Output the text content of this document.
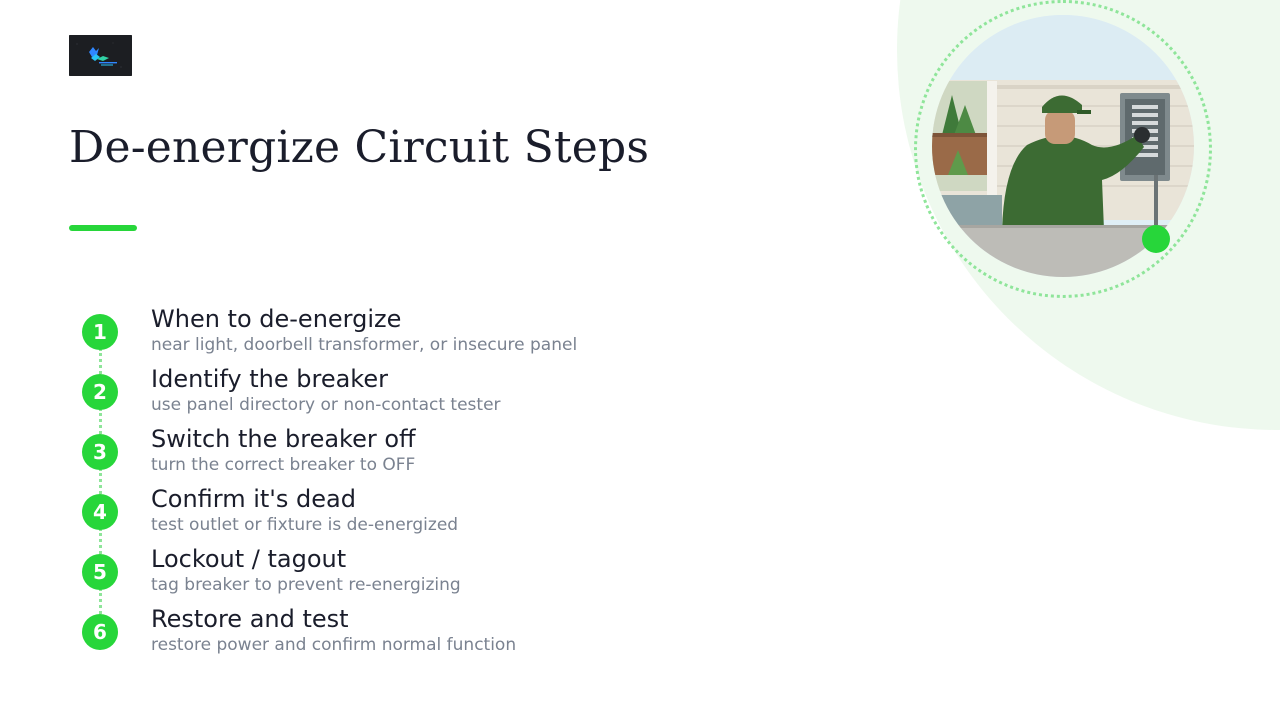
De-energize Circuit Steps
1	When to de-energize
near light, doorbell transformer, or insecure panel
2	Identify the breaker
use panel directory or non-contact tester
3	Switch the breaker off
turn the correct breaker to OFF
4	Confirm it's dead
test outlet or fixture is de-energized
5	Lockout / tagout
tag breaker to prevent re-energizing
6	Restore and test
restore power and confirm normal function
